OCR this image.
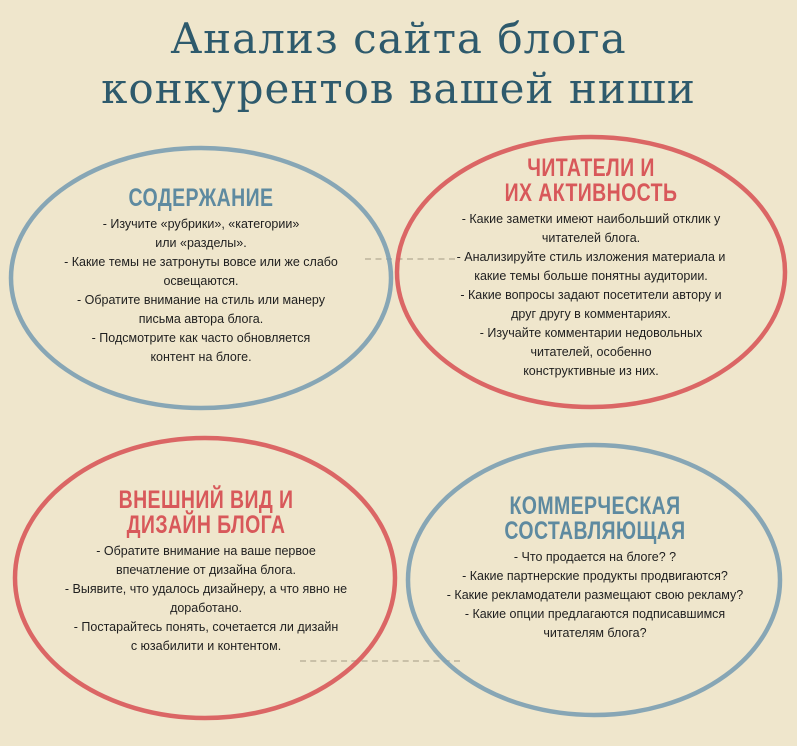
Анализ сайта блога
конкурентов вашей ниши
СОДЕРЖАНИЕ
- Изучите «рубрики», «категории»
или «разделы».
- Какие темы не затронуты вовсе или же слабо
освещаются.
- Обратите внимание на стиль или манеру
письма автора блога.
- Подсмотрите как часто обновляется
контент на блоге.
ЧИТАТЕЛИ И
ИХ АКТИВНОСТЬ
- Какие заметки имеют наибольший отклик у
читателей блога.
- Анализируйте стиль изложения материала и
какие темы больше понятны аудитории.
- Какие вопросы задают посетители автору и
друг другу в комментариях.
- Изучайте комментарии недовольных
читателей, особенно
конструктивные из них.
ВНЕШНИЙ ВИД И
ДИЗАЙН БЛОГА
- Обратите внимание на ваше первое
впечатление от дизайна блога.
- Выявите, что удалось дизайнеру, а что явно не
доработано.
- Постарайтесь понять, сочетается ли дизайн
с юзабилити и контентом.
КОММЕРЧЕСКАЯ
СОСТАВЛЯЮЩАЯ
- Что продается на блоге? ?
- Какие партнерские продукты продвигаются?
- Какие рекламодатели размещают свою рекламу?
- Какие опции предлагаются подписавшимся
читателям блога?
